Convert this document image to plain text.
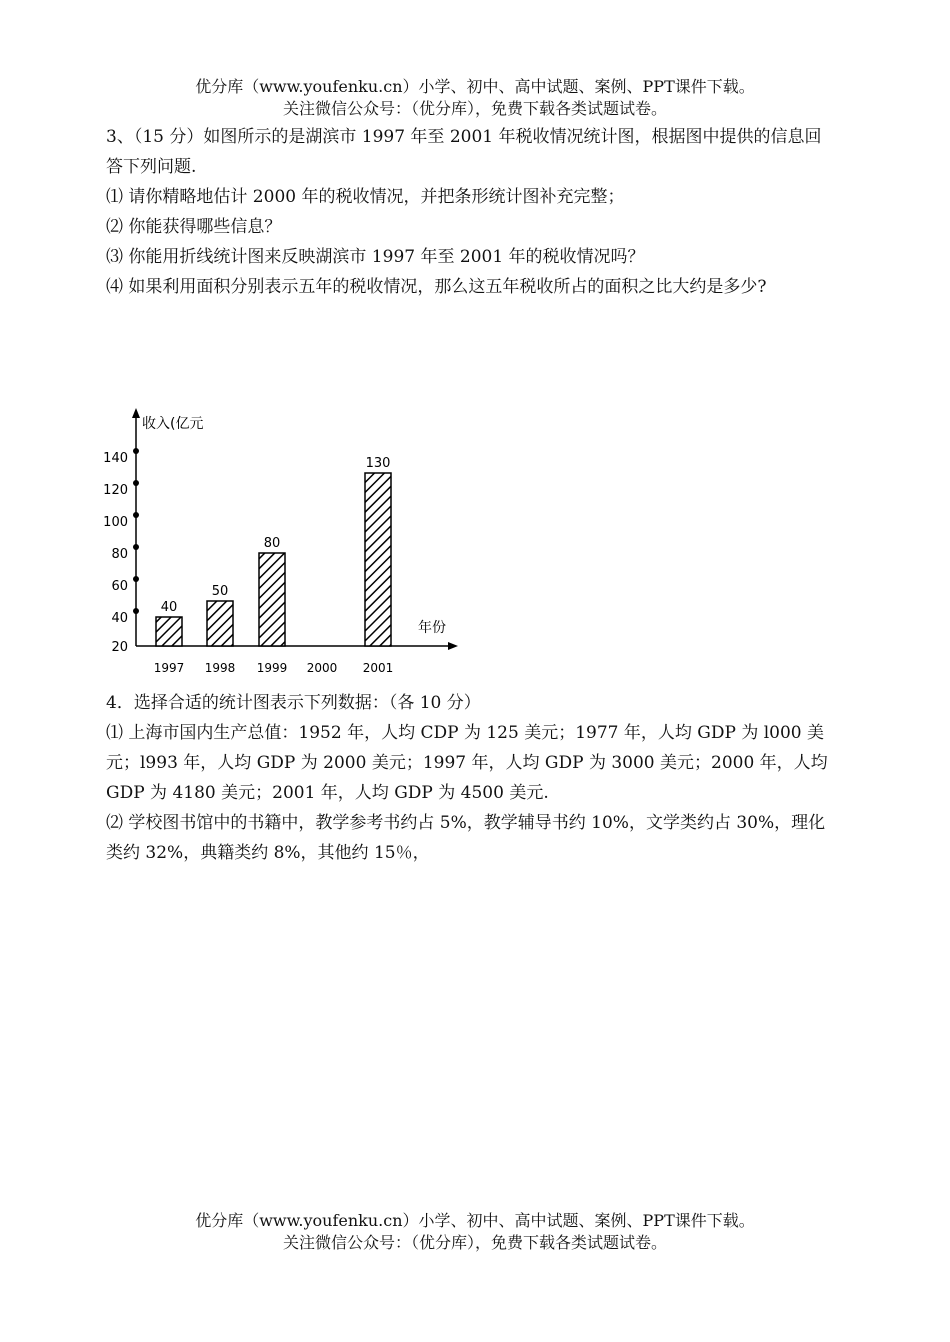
优分库（www.youfenku.cn）小学、初中、高中试题、案例、PPT课件下载。
关注微信公众号：（优分库），免费下载各类试题试卷。

3、（15 分）如图所示的是湖滨市 1997 年至 2001 年税收情况统计图，根据图中提供的信息回答下列问题.

⑴ 请你精略地估计 2000 年的税收情况，并把条形统计图补充完整；

⑵ 你能获得哪些信息？

⑶ 你能用折线统计图来反映湖滨市 1997 年至 2001 年的税收情况吗？

⑷ 如果利用面积分别表示五年的税收情况，那么这五年税收所占的面积之比大约是多少?

收入(亿元
年份
20
40
60
80
100
120
140
1997 1998 1999 2000 2001
40
50
80
130

4．选择合适的统计图表示下列数据：（各 10 分）

⑴ 上海市国内生产总值：1952 年，人均 CDP 为 125 美元；1977 年，人均 GDP 为 l000 美元；l993 年，人均 GDP 为 2000 美元；1997 年，人均 GDP 为 3000 美元；2000 年，人均 GDP 为 4180 美元；2001 年，人均 GDP 为 4500 美元.

⑵ 学校图书馆中的书籍中，教学参考书约占 5%，教学辅导书约 10%，文学类约占 30%，理化类约 32%，典籍类约 8%，其他约 15％，

优分库（www.youfenku.cn）小学、初中、高中试题、案例、PPT课件下载。
关注微信公众号：（优分库），免费下载各类试题试卷。
